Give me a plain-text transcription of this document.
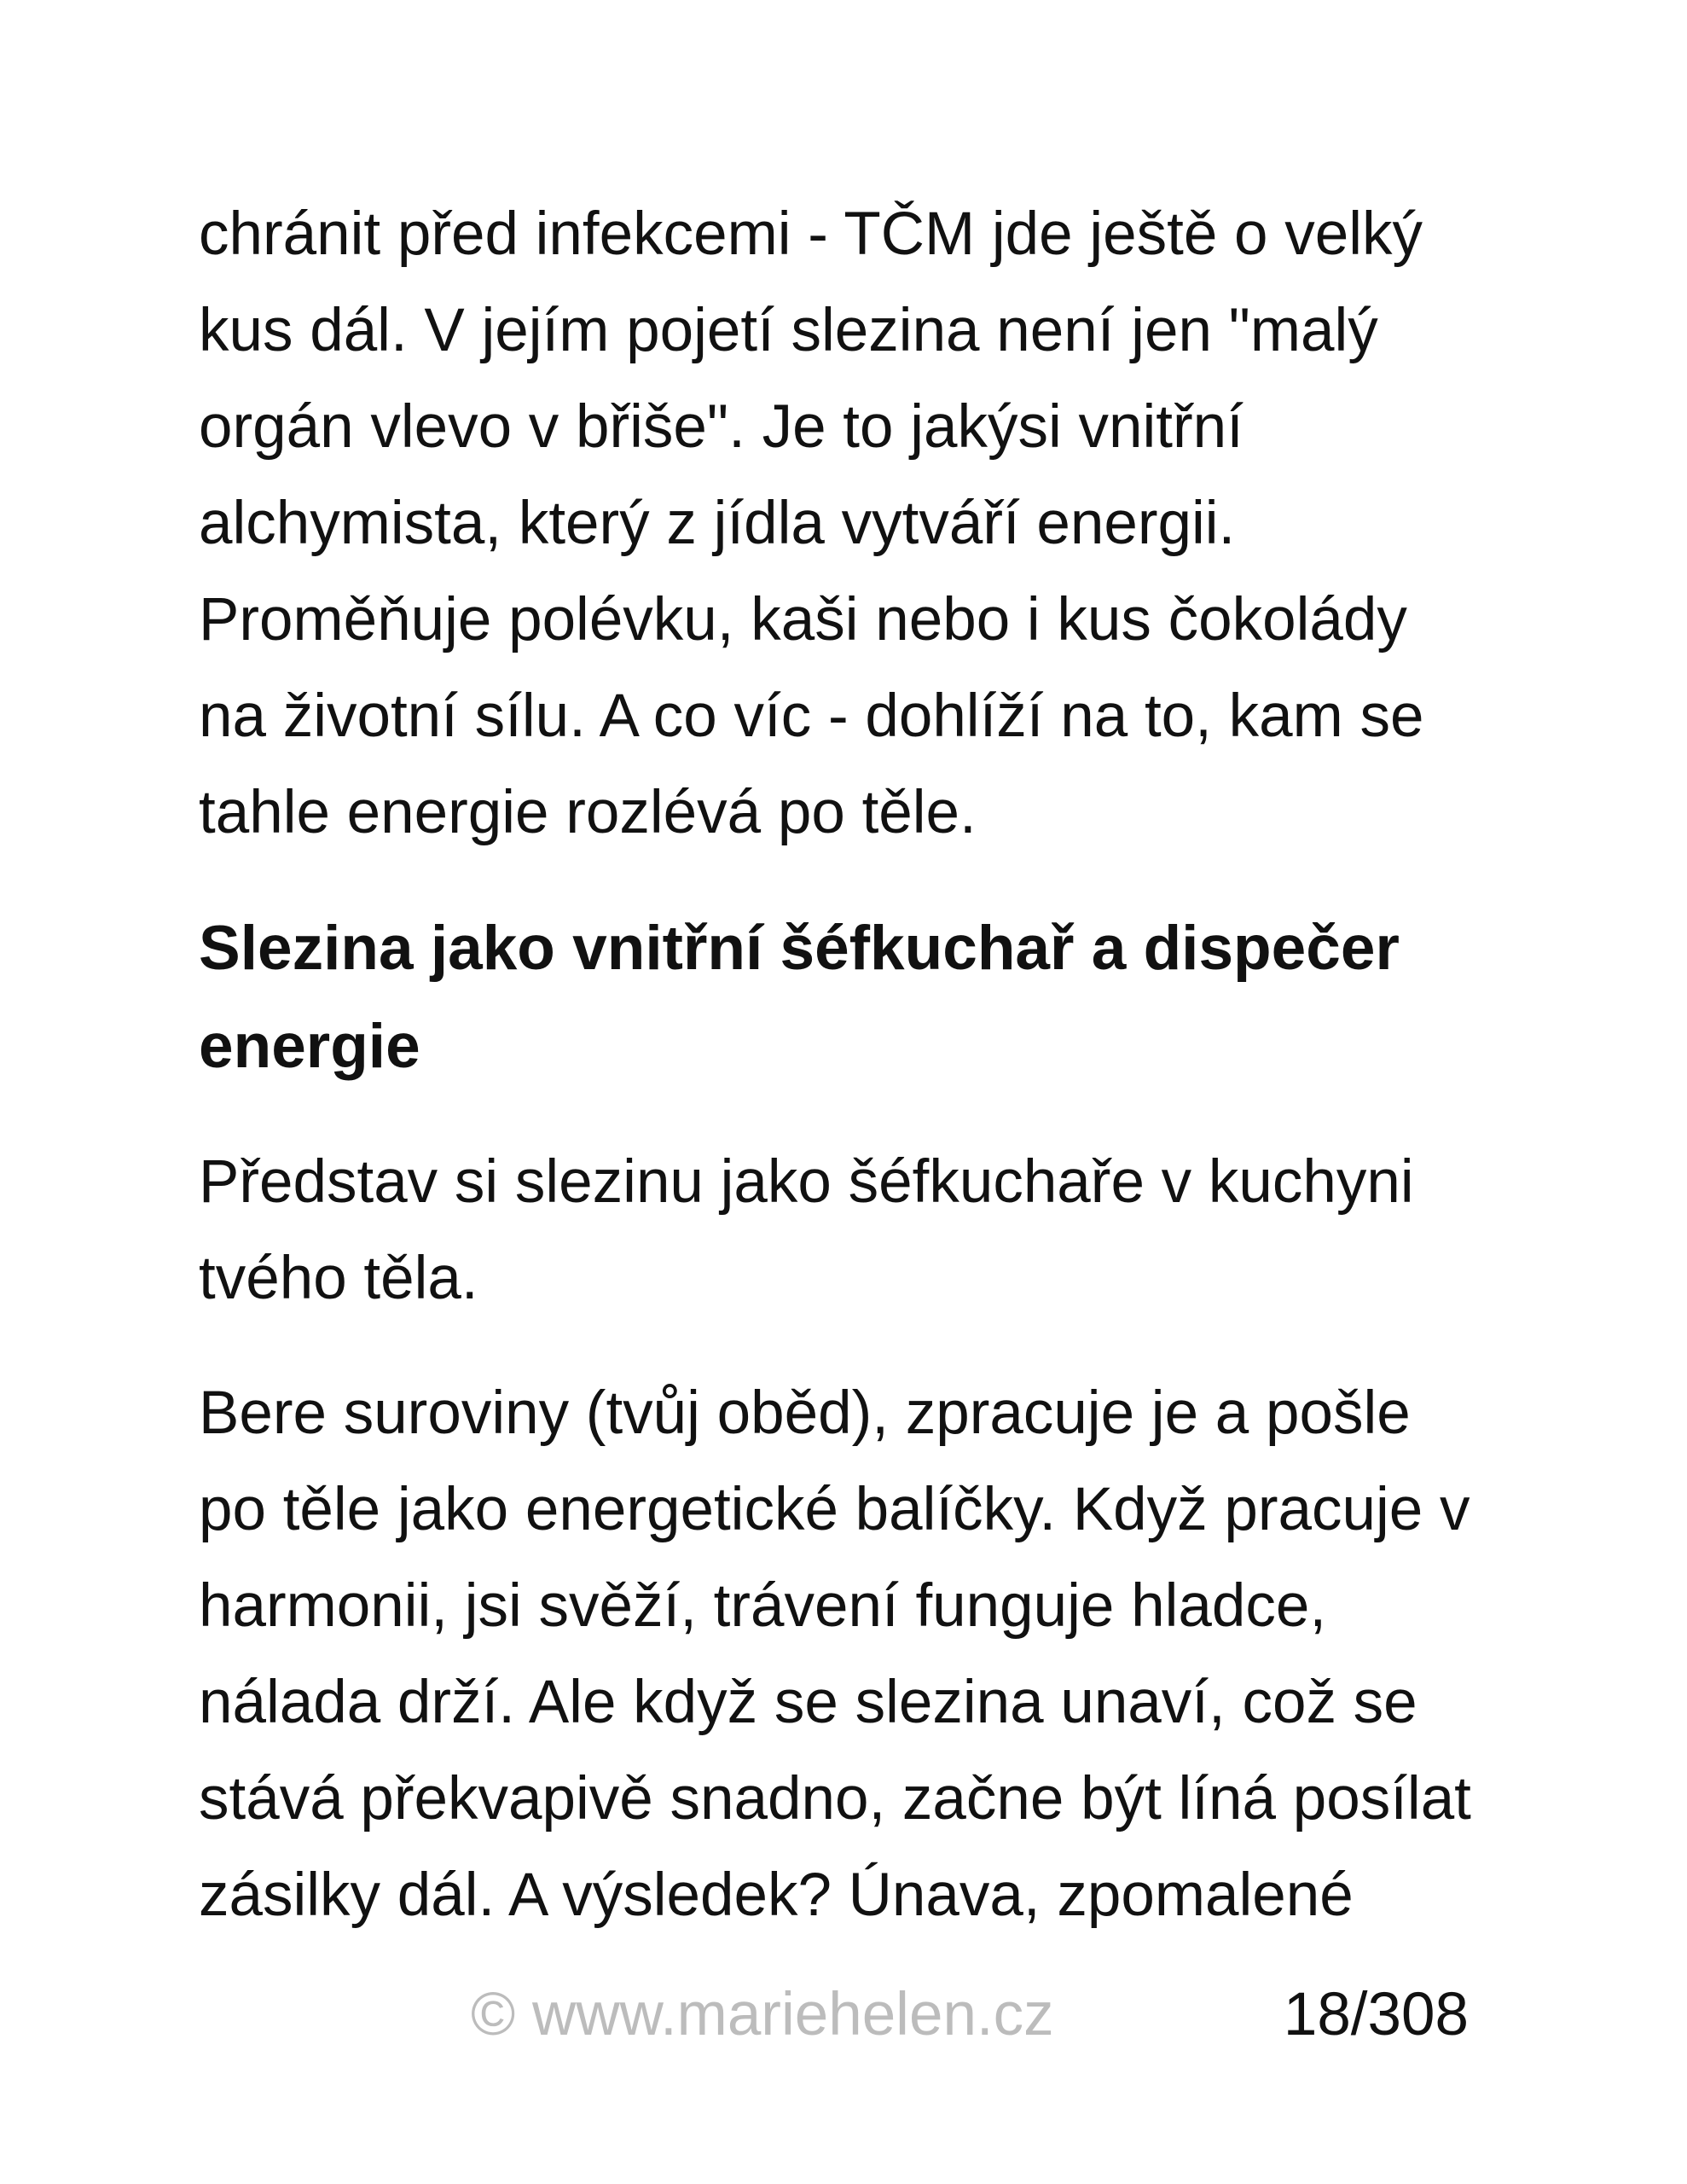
chránit před infekcemi - TČM jde ještě o velký
kus dál. V jejím pojetí slezina není jen "malý
orgán vlevo v břiše". Je to jakýsi vnitřní
alchymista, který z jídla vytváří energii.
Proměňuje polévku, kaši nebo i kus čokolády
na životní sílu. A co víc - dohlíží na to, kam se
tahle energie rozlévá po těle.
Slezina jako vnitřní šéfkuchař a dispečer
energie
Představ si slezinu jako šéfkuchaře v kuchyni
tvého těla.
Bere suroviny (tvůj oběd), zpracuje je a pošle
po těle jako energetické balíčky. Když pracuje v
harmonii, jsi svěží, trávení funguje hladce,
nálada drží. Ale když se slezina unaví, což se
stává překvapivě snadno, začne být líná posílat
zásilky dál. A výsledek? Únava, zpomalené
© www.mariehelen.cz	18/308
